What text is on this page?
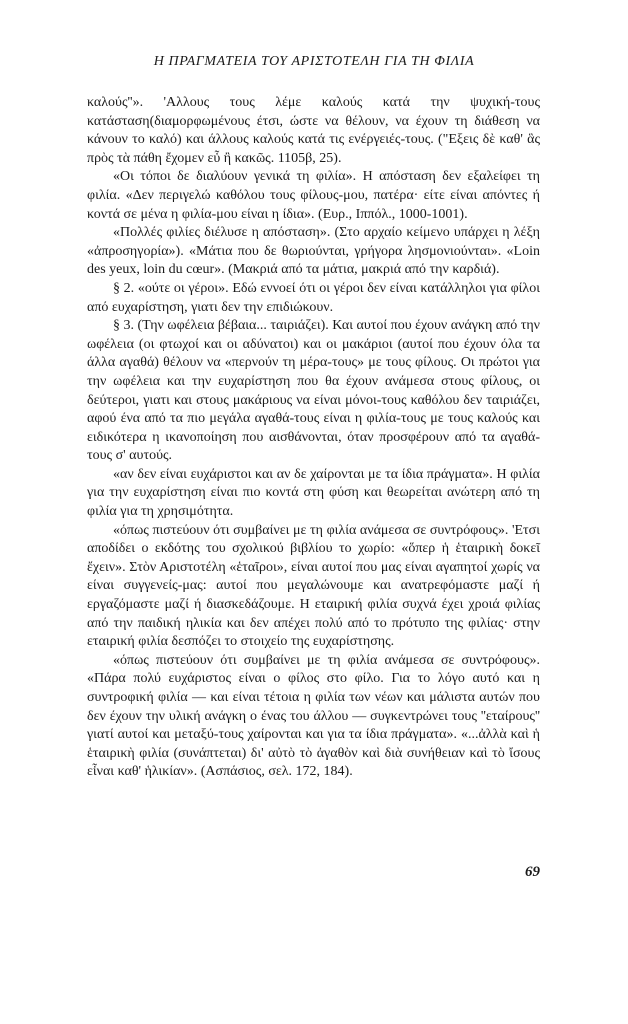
Η ΠΡΑΓΜΑΤΕΙΑ ΤΟΥ ΑΡΙΣΤΟΤΕΛΗ ΓΙΑ ΤΗ ΦΙΛΙΑ

καλούς''». 'Αλλους τους λέμε καλούς κατά την ψυχική-τους κατάσταση(διαμορφωμένους έτσι, ώστε να θέλουν, να έχουν τη διάθεση να κάνουν το καλό) και άλλους καλούς κατά τις ενέργειές-τους. ("Εξεις δὲ καθ' ἃς πρὸς τὰ πάθη ἔχομεν εὖ ἢ κακῶς. 1105β, 25).

«Οι τόποι δε διαλύουν γενικά τη φιλία». Η απόσταση δεν εξαλείφει τη φιλία. «Δεν περιγελώ καθόλου τους φίλους-μου, πατέρα· είτε είναι απόντες ή κοντά σε μένα η φιλία-μου είναι η ίδια». (Ευρ., Ιππόλ., 1000-1001).

«Πολλές φιλίες διέλυσε η απόσταση». (Στο αρχαίο κείμενο υπάρχει η λέξη «ἀπροσηγορία»). «Μάτια που δε θωριούνται, γρήγορα λησμονιούνται». «Loin des yeux, loin du cœur». (Μακριά από τα μάτια, μακριά από την καρδιά).

§ 2. «ούτε οι γέροι». Εδώ εννοεί ότι οι γέροι δεν είναι κατάλληλοι για φίλοι από ευχαρίστηση, γιατι δεν την επιδιώκουν.

§ 3. (Την ωφέλεια βέβαια... ταιριάζει). Και αυτοί που έχουν ανάγκη από την ωφέλεια (οι φτωχοί και οι αδύνατοι) και οι μακάριοι (αυτοί που έχουν όλα τα άλλα αγαθά) θέλουν να «περνούν τη μέρα-τους» με τους φίλους. Οι πρώτοι για την ωφέλεια και την ευχαρίστηση που θα έχουν ανάμεσα στους φίλους, οι δεύτεροι, γιατι και στους μακάριους να είναι μόνοι-τους καθόλου δεν ταιριάζει, αφού ένα από τα πιο μεγάλα αγαθά-τους είναι η φιλία-τους με τους καλούς και ειδικότερα η ικανοποίηση που αισθάνονται, όταν προσφέρουν από τα αγαθά-τους σ' αυτούς.

«αν δεν είναι ευχάριστοι και αν δε χαίρονται με τα ίδια πράγματα». Η φιλία για την ευχαρίστηση είναι πιο κοντά στη φύση και θεωρείται ανώτερη από τη φιλία για τη χρησιμότητα.

«όπως πιστεύουν ότι συμβαίνει με τη φιλία ανάμεσα σε συντρόφους». 'Ετσι αποδίδει ο εκδότης του σχολικού βιβλίου το χωρίο: «ὅπερ ἡ ἑταιρικὴ δοκεῖ ἔχειν». Στὸν Αριστοτέλη «ἑταῖροι», είναι αυτοί που μας είναι αγαπητοί χωρίς να είναι συγγενείς-μας: αυτοί που μεγαλώνουμε και ανατρεφόμαστε μαζί ή εργαζόμαστε μαζί ή διασκεδάζουμε. Η εταιρική φιλία συχνά έχει χροιά φιλίας από την παιδική ηλικία και δεν απέχει πολύ από το πρότυπο της φιλίας· στην εταιρική φιλία δεσπόζει το στοιχείο της ευχαρίστησης.

«όπως πιστεύουν ότι συμβαίνει με τη φιλία ανάμεσα σε συντρόφους». «Πάρα πολύ ευχάριστος είναι ο φίλος στο φίλο. Για το λόγο αυτό και η συντροφική φιλία — και είναι τέτοια η φιλία των νέων και μάλιστα αυτών που δεν έχουν την υλική ανάγκη ο ένας του άλλου — συγκεντρώνει τους ''εταίρους'' γιατί αυτοί και μεταξύ-τους χαίρονται και για τα ίδια πράγματα». «...ἀλλὰ καὶ ἡ ἑταιρικὴ φιλία (συνάπτεται) δι' αὐτὸ τὸ ἀγαθὸν καὶ διὰ συνήθειαν καὶ τὸ ἴσους εἶναι καθ' ἡλικίαν». (Ασπάσιος, σελ. 172, 184).

69
